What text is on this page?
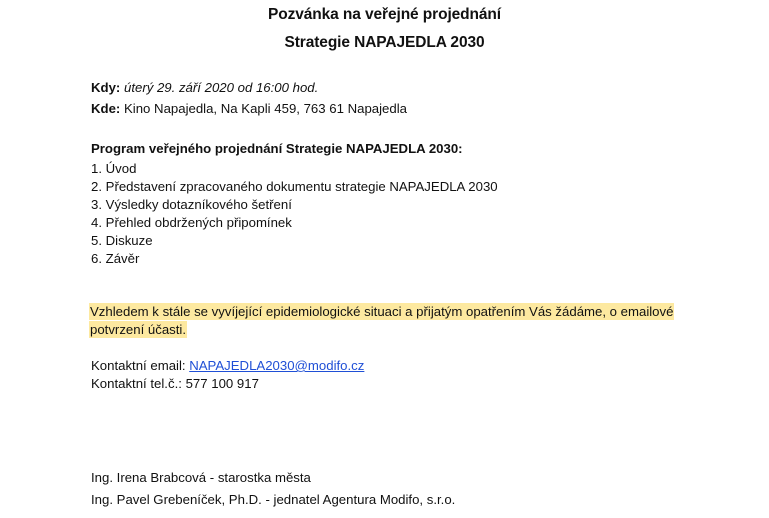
Pozvánka na veřejné projednání
Strategie NAPAJEDLA 2030
Kdy: úterý 29. září 2020 od 16:00 hod.
Kde: Kino Napajedla, Na Kapli 459, 763 61 Napajedla
Program veřejného projednání Strategie NAPAJEDLA 2030:
1. Úvod
2. Představení zpracovaného dokumentu strategie NAPAJEDLA 2030
3. Výsledky dotazníkového šetření
4. Přehled obdržených připomínek
5. Diskuze
6. Závěr
Vzhledem k stále se vyvíjející epidemiologické situaci a přijatým opatřením Vás žádáme, o emailové potvrzení účasti.
Kontaktní email: NAPAJEDLA2030@modifo.cz
Kontaktní tel.č.: 577 100 917
Ing. Irena Brabcová - starostka města
Ing. Pavel Grebeníček, Ph.D. - jednatel Agentura Modifo, s.r.o.
